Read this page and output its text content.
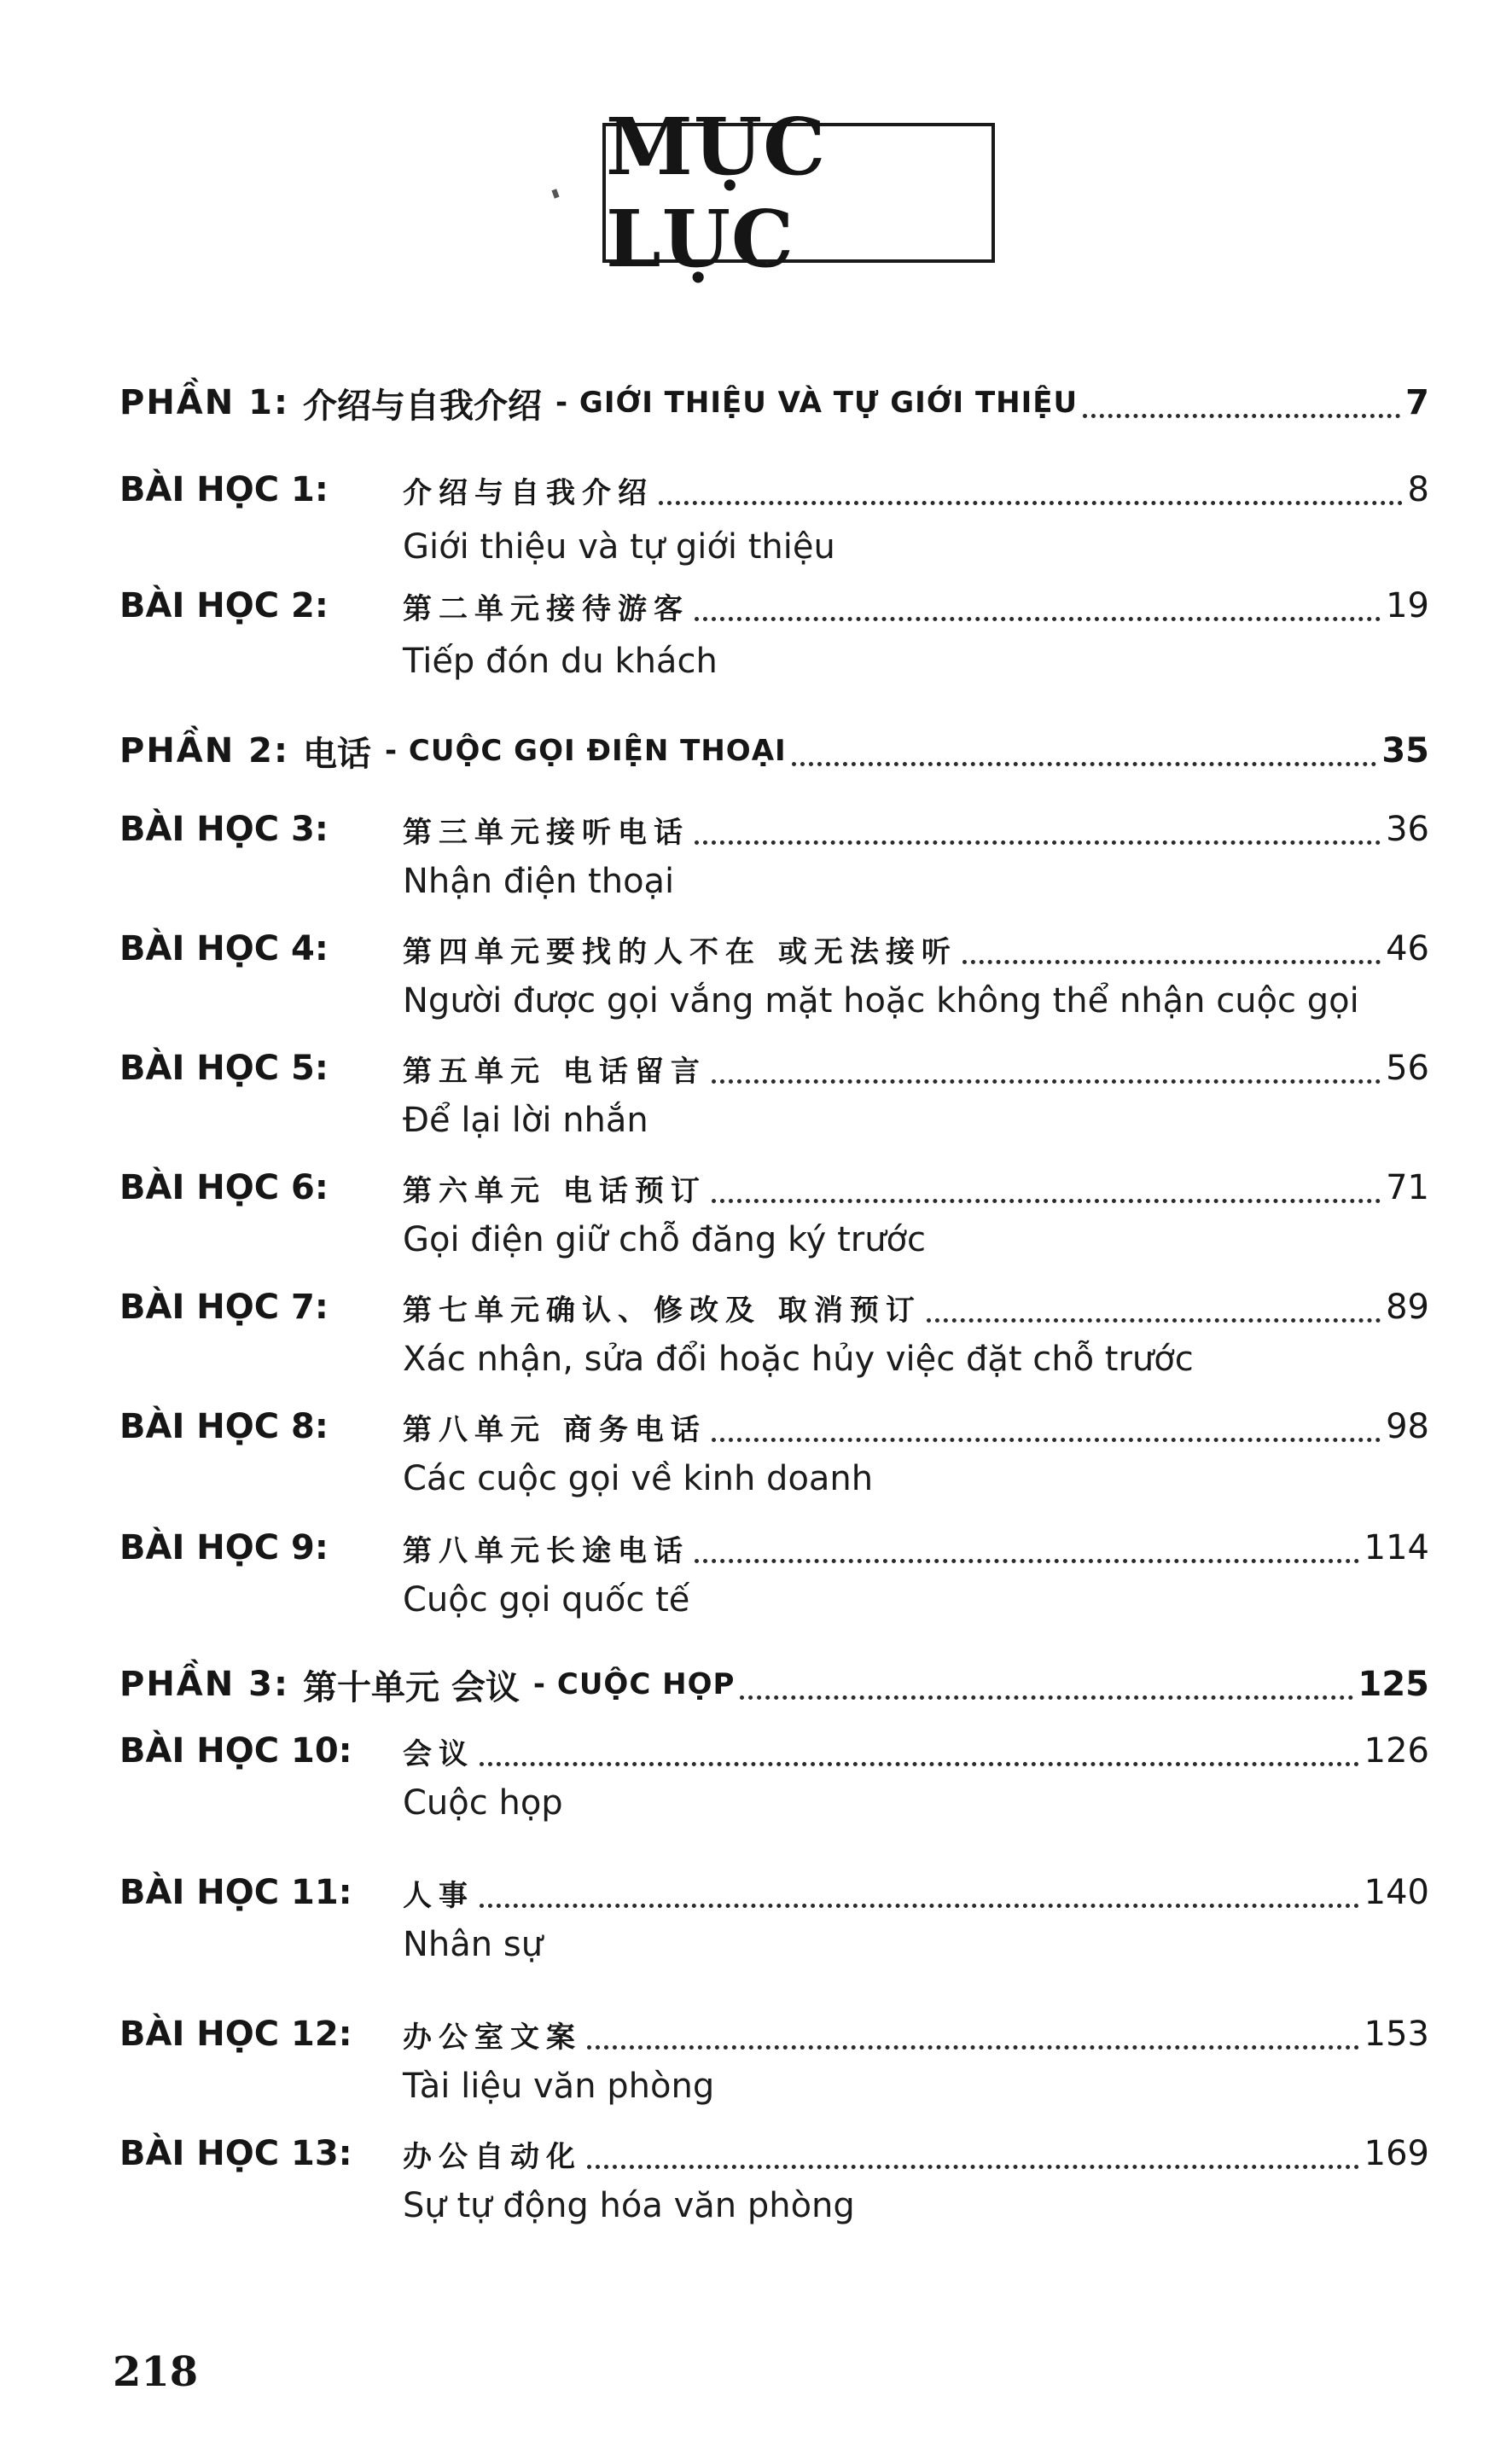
MỤC LỤC
PHẦN 1: 介绍与自我介绍 - GIỚI THIỆU VÀ TỰ GIỚI THIỆU	7
BÀI HỌC 1:	介绍与自我介绍	8
Giới thiệu và tự giới thiệu
BÀI HỌC 2:	第二单元接待游客	19
Tiếp đón du khách
PHẦN 2: 电话 - CUỘC GỌI ĐIỆN THOẠI	35
BÀI HỌC 3:	第三单元接听电话	36
Nhận điện thoại
BÀI HỌC 4:	第四单元要找的人不在 或无法接听	46
Người được gọi vắng mặt hoặc không thể nhận cuộc gọi
BÀI HỌC 5:	第五单元 电话留言	56
Để lại lời nhắn
BÀI HỌC 6:	第六单元 电话预订	71
Gọi điện giữ chỗ đăng ký trước
BÀI HỌC 7:	第七单元确认、修改及 取消预订	89
Xác nhận, sửa đổi hoặc hủy việc đặt chỗ trước
BÀI HỌC 8:	第八单元 商务电话	98
Các cuộc gọi về kinh doanh
BÀI HỌC 9:	第八单元长途电话	114
Cuộc gọi quốc tế
PHẦN 3: 第十单元 会议 - CUỘC HỌP	125
BÀI HỌC 10:	会议	126
Cuộc họp
BÀI HỌC 11:	人事	140
Nhân sự
BÀI HỌC 12:	办公室文案	153
Tài liệu văn phòng
BÀI HỌC 13:	办公自动化	169
Sự tự động hóa văn phòng
218
